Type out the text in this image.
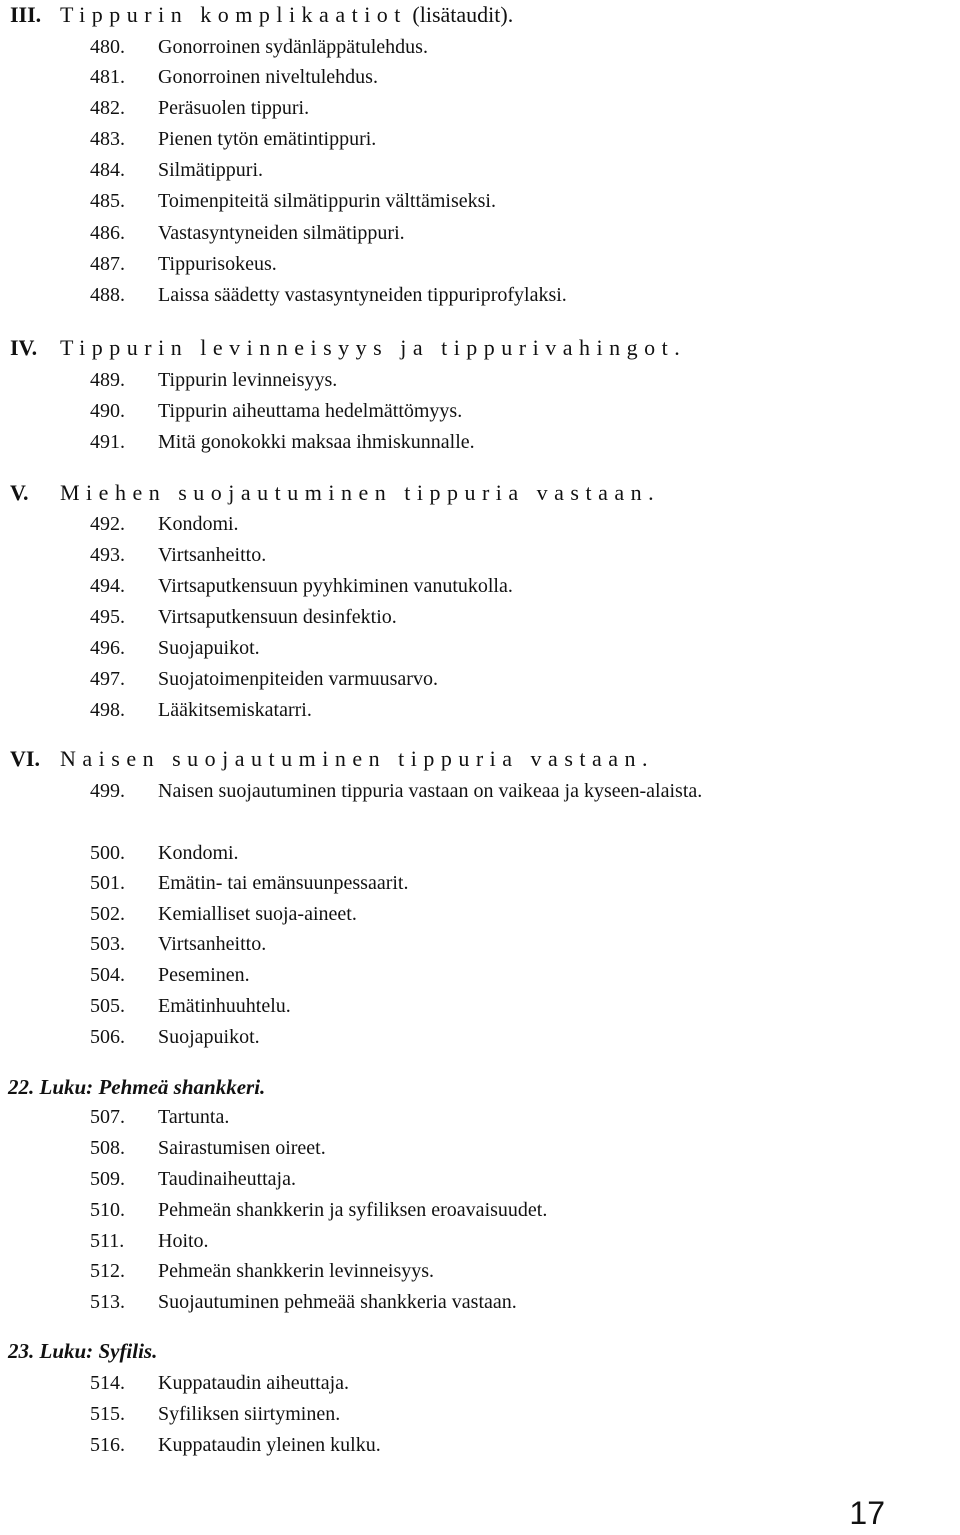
III. Tippurin komplikaatiot (lisätaudit).
480. Gonorroinen sydänläppätulehdus.
481. Gonorroinen niveltulehdus.
482. Peräsuolen tippuri.
483. Pienen tytön emätintippuri.
484. Silmätippuri.
485. Toimenpiteitä silmätippurin välttämiseksi.
486. Vastasyntyneiden silmätippuri.
487. Tippurisokeus.
488. Laissa säädetty vastasyntyneiden tippuriprofylaksi.
IV. Tippurin levinneisyys ja tippurivahingot.
489. Tippurin levinneisyys.
490. Tippurin aiheuttama hedelmättömyys.
491. Mitä gonokokki maksaa ihmiskunnalle.
V. Miehen suojautuminen tippuria vastaan.
492. Kondomi.
493. Virtsanheitto.
494. Virtsaputkensuun pyyhkiminen vanutukolla.
495. Virtsaputkensuun desinfektio.
496. Suojapuikot.
497. Suojatoimenpiteiden varmuusarvo.
498. Lääkitsemiskatarri.
VI. Naisen suojautuminen tippuria vastaan.
499. Naisen suojautuminen tippuria vastaan on vaikeaa ja kyseen-alaista.
500. Kondomi.
501. Emätin- tai emänsuunpessaarit.
502. Kemialliset suoja-aineet.
503. Virtsanheitto.
504. Peseminen.
505. Emätinhuuhtelu.
506. Suojapuikot.
22. Luku: Pehmeä shankkeri.
507. Tartunta.
508. Sairastumisen oireet.
509. Taudinaiheuttaja.
510. Pehmeän shankkerin ja syfiliksen eroavaisuudet.
511. Hoito.
512. Pehmeän shankkerin levinneisyys.
513. Suojautuminen pehmeää shankkeria vastaan.
23. Luku: Syfilis.
514. Kuppataudin aiheuttaja.
515. Syfiliksen siirtyminen.
516. Kuppataudin yleinen kulku.
17
